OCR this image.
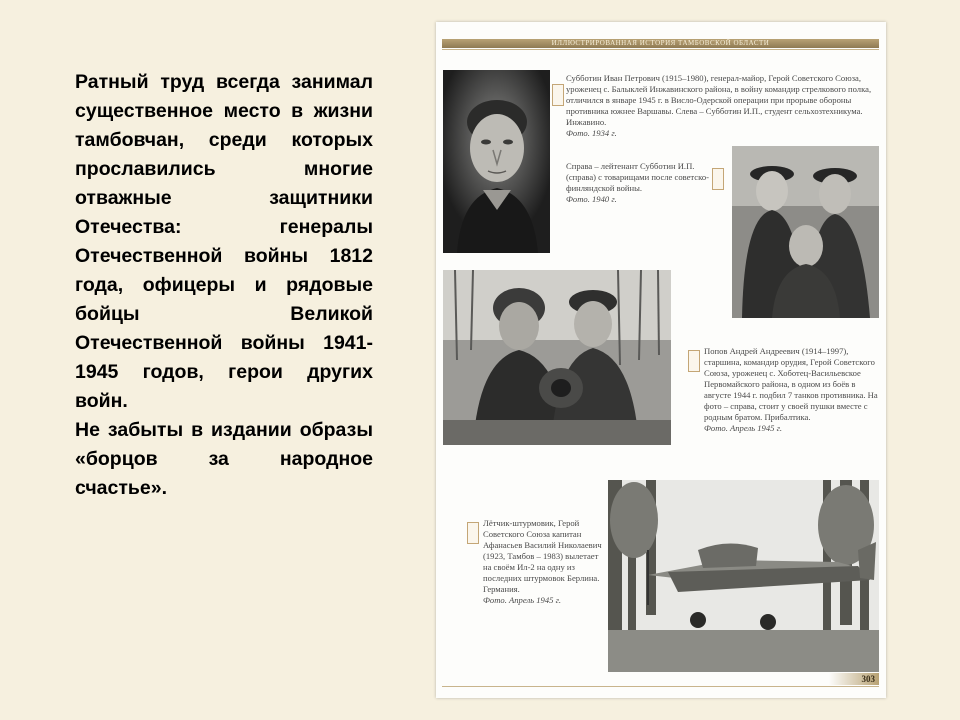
Ратный труд всегда занимал существенное место в жизни тамбовчан, среди которых прославились многие отважные защитники Отечества: генералы Отечественной войны 1812 года, офицеры и рядовые бойцы Великой Отечественной войны 1941-1945 годов, герои других войн.

Не забыты в издании образы «борцов за народное счастье».

ИЛЛЮСТРИРОВАННАЯ ИСТОРИЯ ТАМБОВСКОЙ ОБЛАСТИ
Субботин Иван Петрович (1915–1980), генерал-майор, Герой Советского Союза, уроженец с. Балыклей Инжавинского района, в войну командир стрелкового полка, отличился в январе 1945 г. в Висло-Одерской операции при прорыве обороны противника южнее Варшавы. Слева – Субботин И.П., студент сельхозтехникума. Инжавино.
Фото. 1934 г.
Справа – лейтенант Субботин И.П. (справа) с товарищами после советско-финляндской войны.
Фото. 1940 г.
Попов Андрей Андреевич (1914–1997), старшина, командир орудия, Герой Советского Союза, уроженец с. Хоботец-Васильевское Первомайского района, в одном из боёв в августе 1944 г. подбил 7 танков противника. На фото – справа, стоит у своей пушки вместе с родным братом. Прибалтика.
Фото. Апрель 1945 г.
Лётчик-штурмовик, Герой Советского Союза капитан Афанасьев Василий Николаевич (1923, Тамбов – 1983) вылетает на своём Ил-2 на одну из последних штурмовок Берлина. Германия.
Фото. Апрель 1945 г.
303
